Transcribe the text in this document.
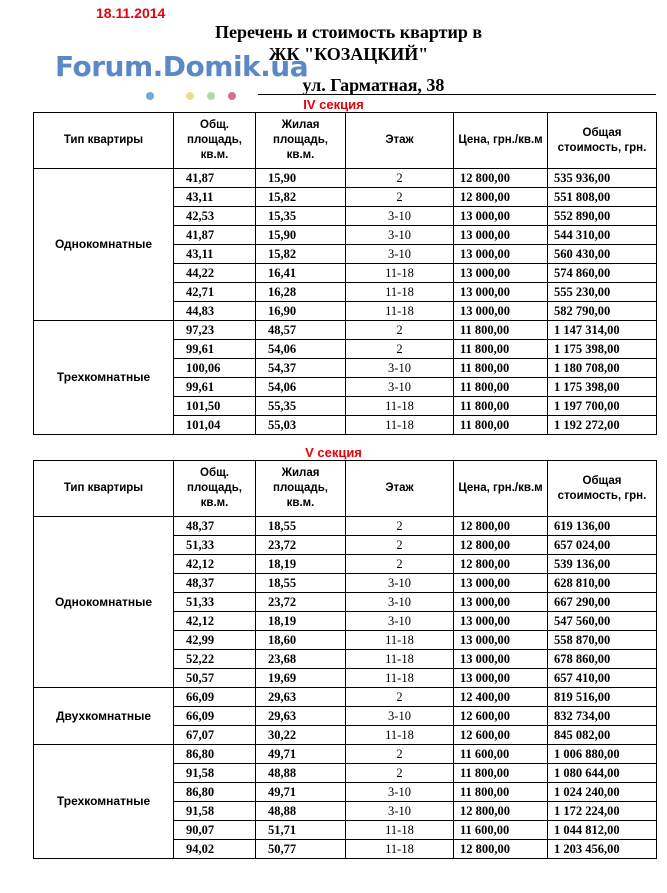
18.11.2014
Forum.Domik.ua
Перечень и стоимость квартир в
ЖК "КОЗАЦКИЙ"
ул. Гарматная, 38
IV секция
Тип квартиры	Общ. площадь, кв.м.	Жилая площадь, кв.м.	Этаж	Цена, грн./кв.м	Общая стоимость, грн.
Однокомнатные	41,87	15,90	2	12 800,00	535 936,00
	43,11	15,82	2	12 800,00	551 808,00
	42,53	15,35	3-10	13 000,00	552 890,00
	41,87	15,90	3-10	13 000,00	544 310,00
	43,11	15,82	3-10	13 000,00	560 430,00
	44,22	16,41	11-18	13 000,00	574 860,00
	42,71	16,28	11-18	13 000,00	555 230,00
	44,83	16,90	11-18	13 000,00	582 790,00
Трехкомнатные	97,23	48,57	2	11 800,00	1 147 314,00
	99,61	54,06	2	11 800,00	1 175 398,00
	100,06	54,37	3-10	11 800,00	1 180 708,00
	99,61	54,06	3-10	11 800,00	1 175 398,00
	101,50	55,35	11-18	11 800,00	1 197 700,00
	101,04	55,03	11-18	11 800,00	1 192 272,00
V секция
Тип квартиры	Общ. площадь, кв.м.	Жилая площадь, кв.м.	Этаж	Цена, грн./кв.м	Общая стоимость, грн.
Однокомнатные	48,37	18,55	2	12 800,00	619 136,00
	51,33	23,72	2	12 800,00	657 024,00
	42,12	18,19	2	12 800,00	539 136,00
	48,37	18,55	3-10	13 000,00	628 810,00
	51,33	23,72	3-10	13 000,00	667 290,00
	42,12	18,19	3-10	13 000,00	547 560,00
	42,99	18,60	11-18	13 000,00	558 870,00
	52,22	23,68	11-18	13 000,00	678 860,00
	50,57	19,69	11-18	13 000,00	657 410,00
Двухкомнатные	66,09	29,63	2	12 400,00	819 516,00
	66,09	29,63	3-10	12 600,00	832 734,00
	67,07	30,22	11-18	12 600,00	845 082,00
Трехкомнатные	86,80	49,71	2	11 600,00	1 006 880,00
	91,58	48,88	2	11 800,00	1 080 644,00
	86,80	49,71	3-10	11 800,00	1 024 240,00
	91,58	48,88	3-10	12 800,00	1 172 224,00
	90,07	51,71	11-18	11 600,00	1 044 812,00
	94,02	50,77	11-18	12 800,00	1 203 456,00
